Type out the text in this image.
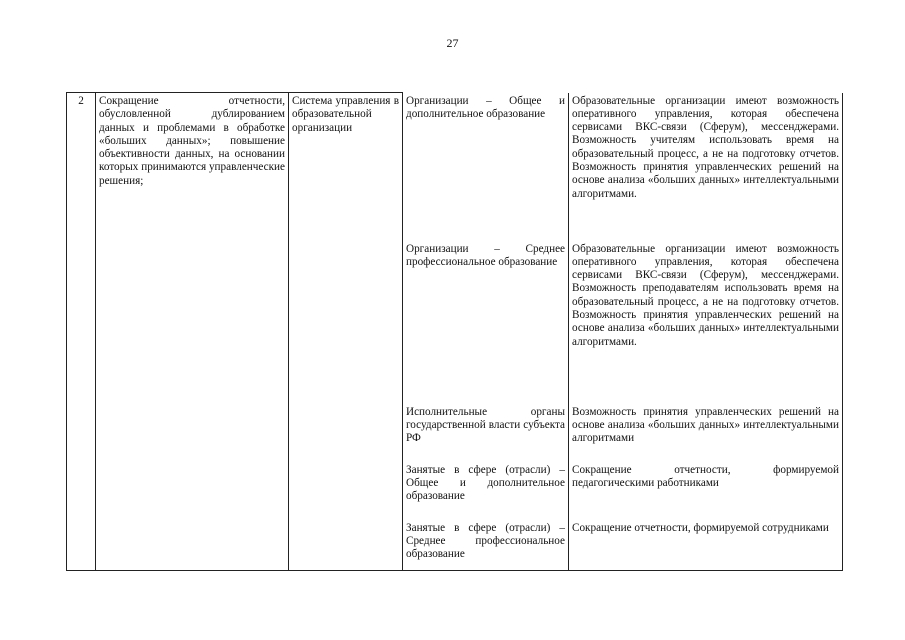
27
2	Сокращение отчетности, обусловленной дублированием данных и проблемами в обработке «больших данных»; повышение объективности данных, на основании которых принимаются управленческие решения;	Система управления в образовательной организации	Организации – Общее и дополнительное образование	Образовательные организации имеют возможность оперативного управления, которая обеспечена сервисами ВКС-связи (Сферум), мессенджерами. Возможность учителям использовать время на образовательный процесс, а не на подготовку отчетов. Возможность принятия управленческих решений на основе анализа «больших данных» интеллектуальными алгоритмами.
			Организации – Среднее профессиональное образование	Образовательные организации имеют возможность оперативного управления, которая обеспечена сервисами ВКС-связи (Сферум), мессенджерами. Возможность преподавателям использовать время на образовательный процесс, а не на подготовку отчетов. Возможность принятия управленческих решений на основе анализа «больших данных» интеллектуальными алгоритмами.
			Исполнительные органы государственной власти субъекта РФ	Возможность принятия управленческих решений на основе анализа «больших данных» интеллектуальными алгоритмами
			Занятые в сфере (отрасли) – Общее и дополнительное образование	Сокращение отчетности, формируемой педагогическими работниками
			Занятые в сфере (отрасли) – Среднее профессиональное образование	Сокращение отчетности, формируемой сотрудниками
